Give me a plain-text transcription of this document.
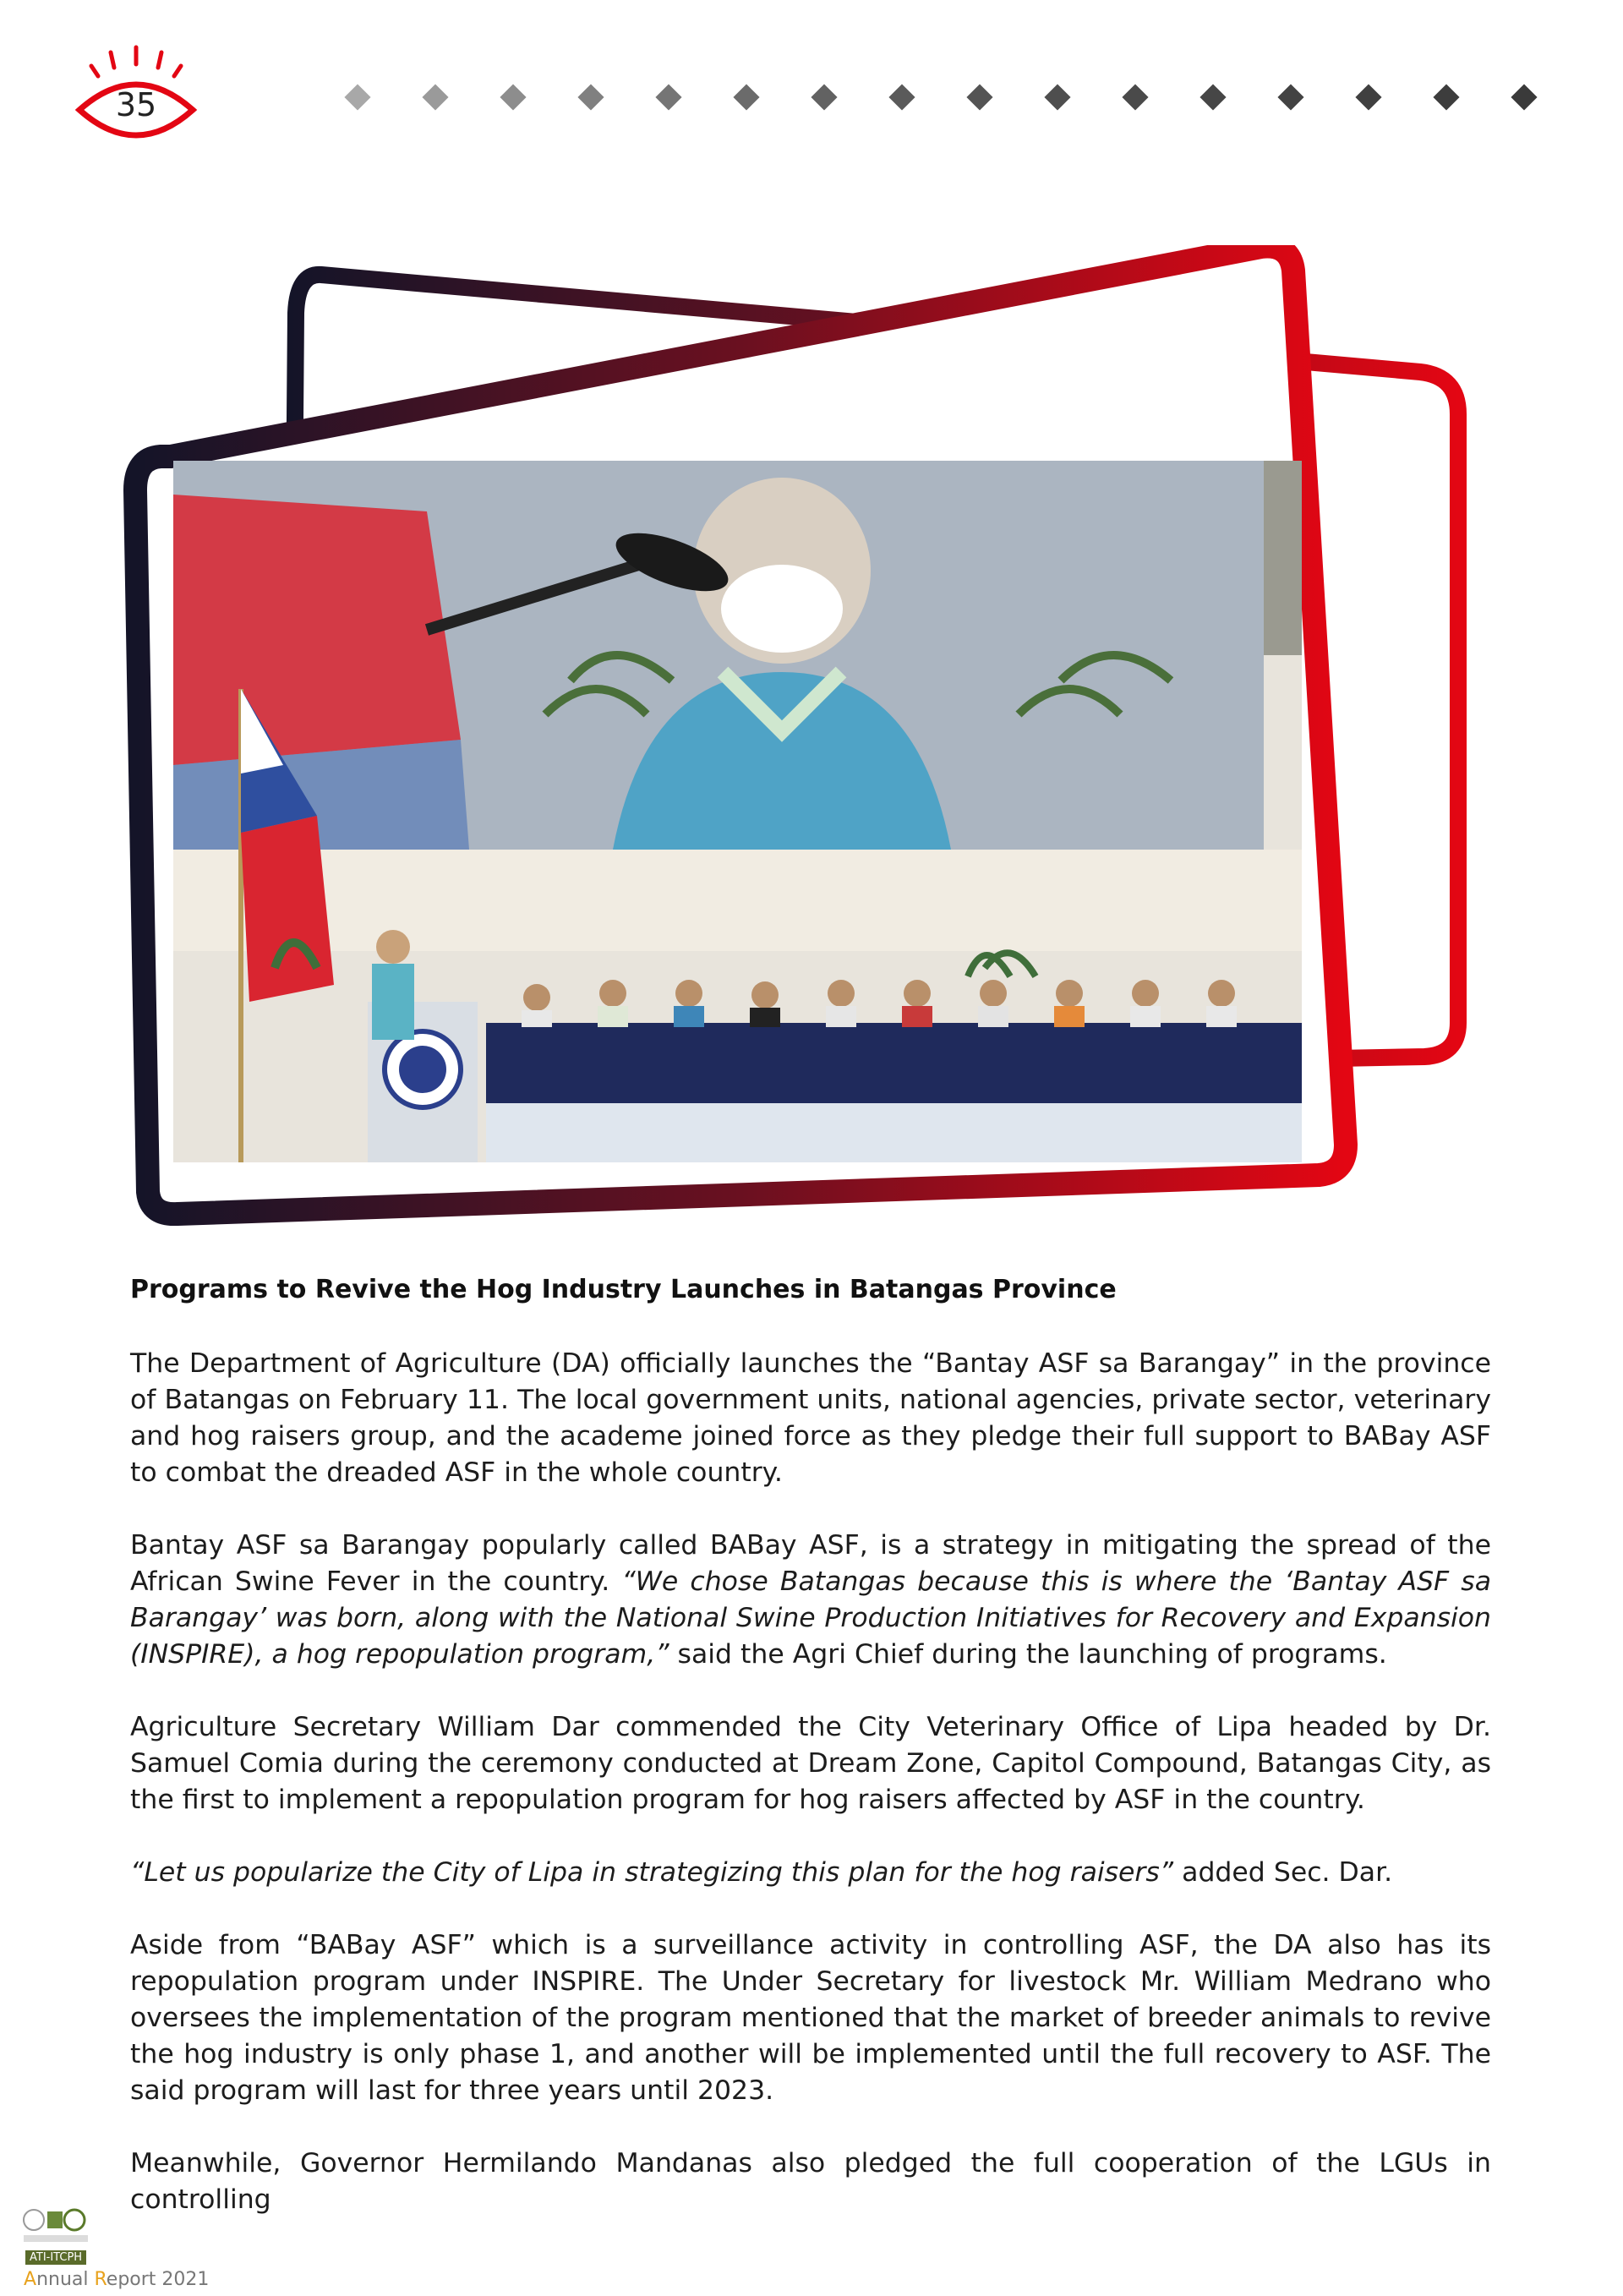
35
Programs to Revive the Hog Industry Launches in Batangas Province

The Department of Agriculture (DA) officially launches the “Bantay ASF sa Barangay” in the province of Batangas on February 11. The local government units, national agencies, private sector, veterinary and hog raisers group, and the academe joined force as they pledge their full support to BABay ASF to combat the dreaded ASF in the whole country.

Bantay ASF sa Barangay popularly called BABay ASF, is a strategy in mitigating the spread of the African Swine Fever in the country. “We chose Batangas because this is where the ‘Bantay ASF sa Barangay’ was born, along with the National Swine Production Initiatives for Recovery and Expansion (INSPIRE), a hog repopulation program,” said the Agri Chief during the launching of programs.

Agriculture Secretary William Dar commended the City Veterinary Office of Lipa headed by Dr. Samuel Comia during the ceremony conducted at Dream Zone, Capitol Compound, Batangas City, as the first to implement a repopulation program for hog raisers affected by ASF in the country.

“Let us popularize the City of Lipa in strategizing this plan for the hog raisers” added Sec. Dar.

Aside from “BABay ASF” which is a surveillance activity in controlling ASF, the DA also has its repopulation program under INSPIRE. The Under Secretary for livestock Mr. William Medrano who oversees the implementation of the program mentioned that the market of breeder animals to revive the hog industry is only phase 1, and another will be implemented until the full recovery to ASF. The said program will last for three years until 2023.

Meanwhile, Governor Hermilando Mandanas also pledged the full cooperation of the LGUs in controlling

ATI-ITCPH
Annual Report 2021
